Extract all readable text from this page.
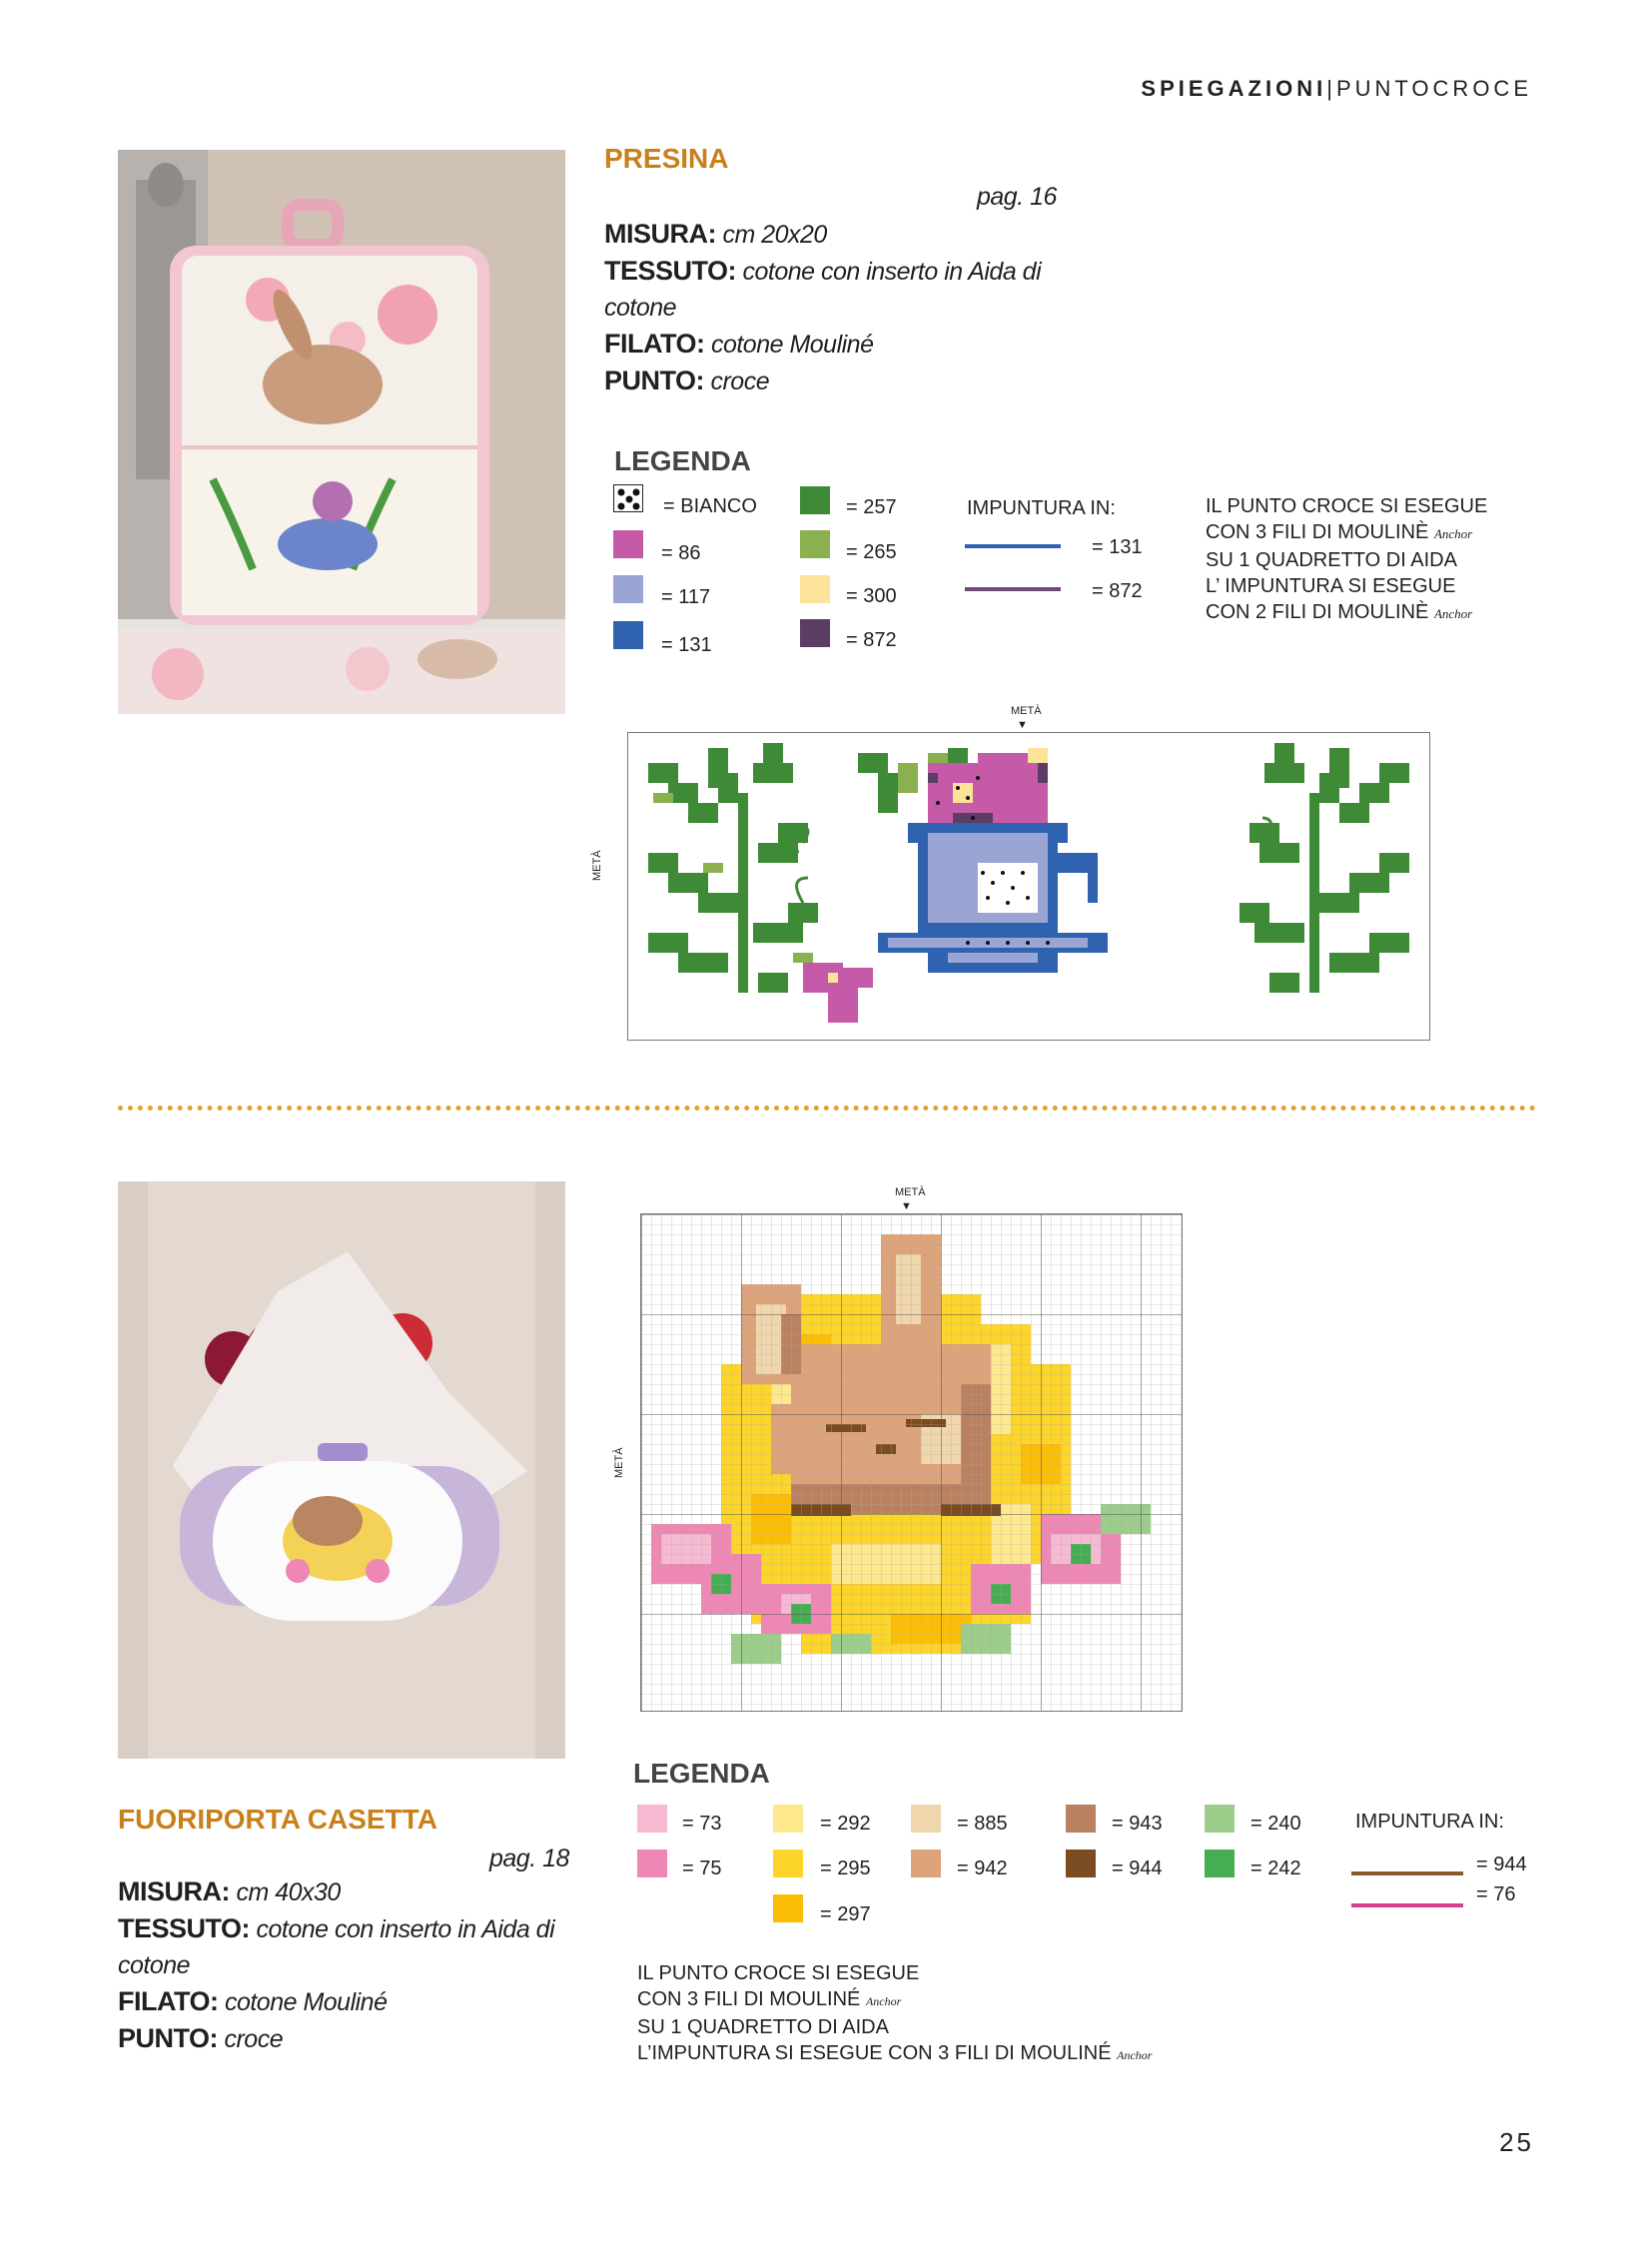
SPIEGAZIONI|PUNTOCROCE
PRESINA
pag. 16
MISURA: cm 20x20
TESSUTO: cotone con inserto in Aida di
cotone
FILATO: cotone Mouliné
PUNTO: croce
LEGENDA
= BIANCO
= 86
= 117
= 131
= 257
= 265
= 300
= 872
IMPUNTURA IN:
= 131
= 872
IL PUNTO CROCE SI ESEGUE
CON 3 FILI DI MOULINÈ Anchor
SU 1 QUADRETTO DI AIDA
L’ IMPUNTURA SI ESEGUE
CON 2 FILI DI MOULINÈ Anchor
METÀ
▼
METÀ
FUORIPORTA CASETTA
pag. 18
MISURA: cm 40x30
TESSUTO: cotone con inserto in Aida di
cotone
FILATO: cotone Mouliné
PUNTO: croce
METÀ
▼
METÀ
LEGENDA
= 73
= 75
= 292
= 295
= 297
= 885
= 942
= 943
= 944
= 240
= 242
IMPUNTURA IN:
= 944
= 76
IL PUNTO CROCE SI ESEGUE
CON 3 FILI DI MOULINÉ Anchor
SU 1 QUADRETTO DI AIDA
L’IMPUNTURA SI ESEGUE CON 3 FILI DI MOULINÉ Anchor
25
